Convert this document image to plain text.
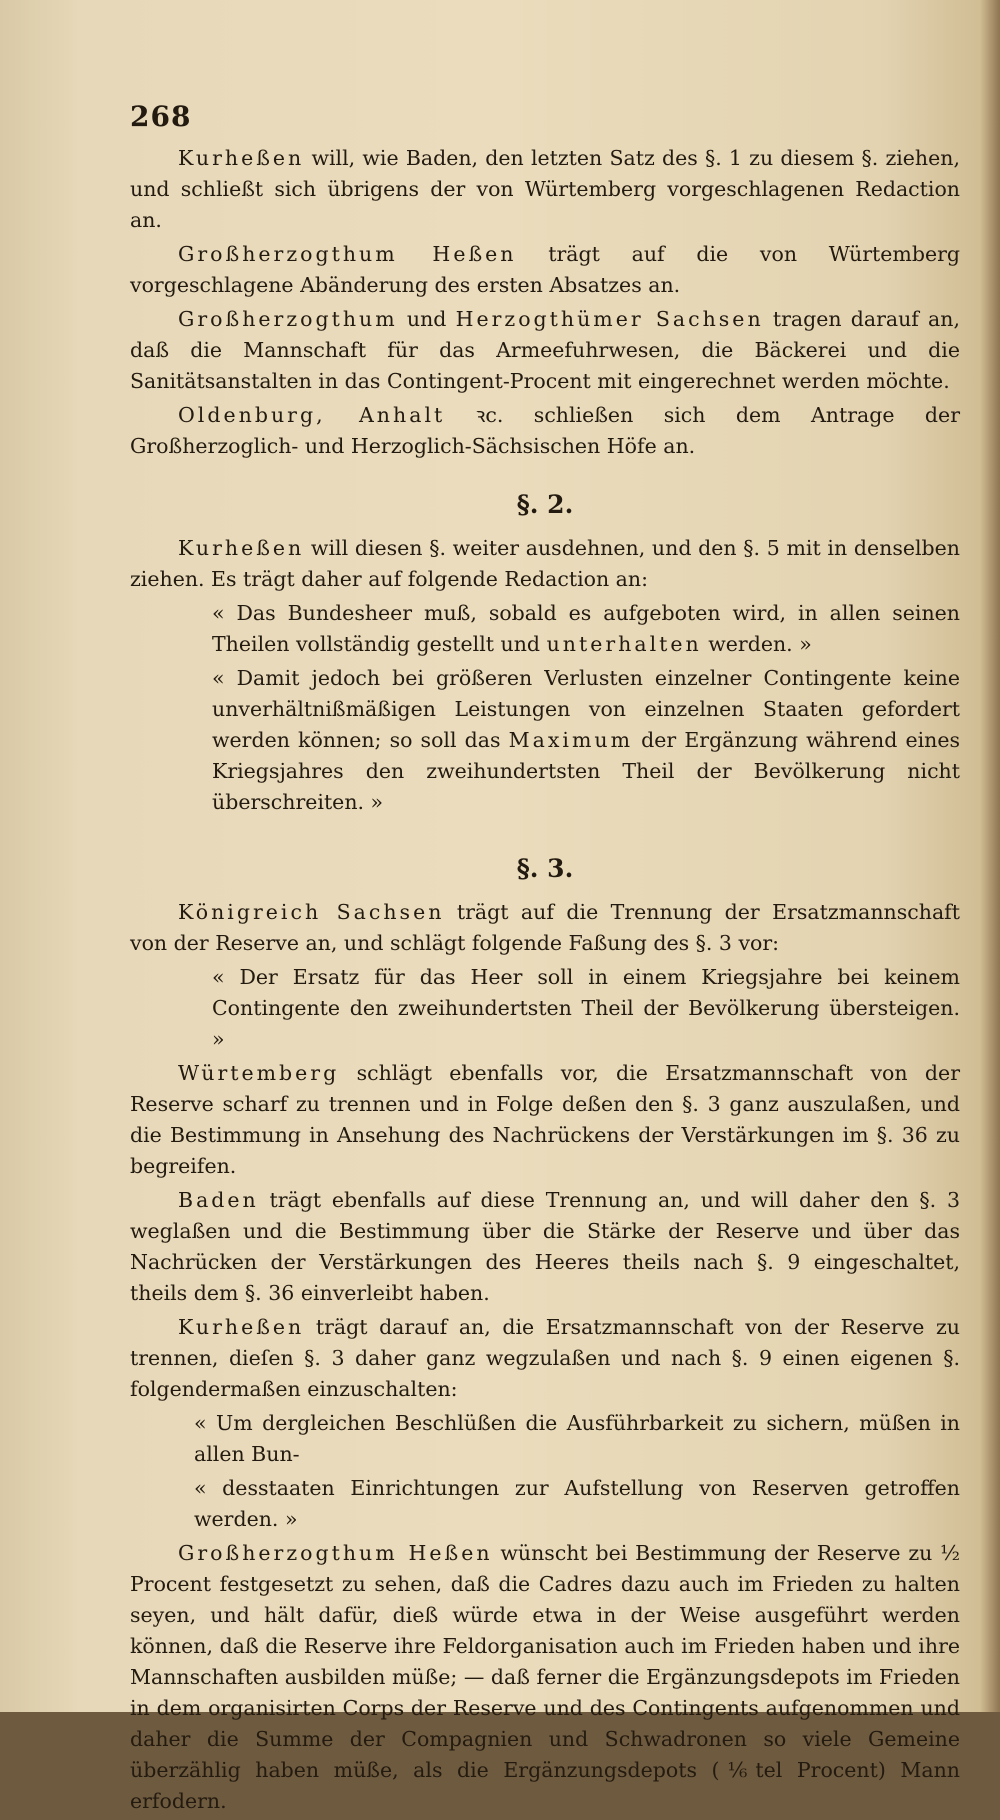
268

Kurheßen will, wie Baden, den letzten Satz des §. 1 zu diesem §. ziehen, und schließt sich übrigens der von Würtemberg vorgeschlagenen Redaction an.

Großherzogthum Heßen trägt auf die von Würtemberg vorgeschlagene Abänderung des ersten Absatzes an.

Großherzogthum und Herzogthümer Sachsen tragen darauf an, daß die Mannschaft für das Armeefuhrwesen, die Bäckerei und die Sanitätsanstalten in das Contingent-Procent mit eingerechnet werden möchte.

Oldenburg, Anhalt ꝛc. schließen sich dem Antrage der Großherzoglich- und Herzoglich-Sächsischen Höfe an.

§. 2.

Kurheßen will diesen §. weiter ausdehnen, und den §. 5 mit in denselben ziehen. Es trägt daher auf folgende Redaction an:

« Das Bundesheer muß, sobald es aufgeboten wird, in allen seinen Theilen vollständig gestellt und unterhalten werden. »

« Damit jedoch bei größeren Verlusten einzelner Contingente keine unverhältnißmäßigen Leistungen von einzelnen Staaten gefordert werden können; so soll das Maximum der Ergänzung während eines Kriegsjahres den zweihundertsten Theil der Bevölkerung nicht überschreiten. »

§. 3.

Königreich Sachsen trägt auf die Trennung der Ersatzmannschaft von der Reserve an, und schlägt folgende Faßung des §. 3 vor:

« Der Ersatz für das Heer soll in einem Kriegsjahre bei keinem Contingente den zweihundertsten Theil der Bevölkerung übersteigen. »

Würtemberg schlägt ebenfalls vor, die Ersatzmannschaft von der Reserve scharf zu trennen und in Folge deßen den §. 3 ganz auszulaßen, und die Bestimmung in Ansehung des Nachrückens der Verstärkungen im §. 36 zu begreifen.

Baden trägt ebenfalls auf diese Trennung an, und will daher den §. 3 weglaßen und die Bestimmung über die Stärke der Reserve und über das Nachrücken der Verstärkungen des Heeres theils nach §. 9 eingeschaltet, theils dem §. 36 einverleibt haben.

Kurheßen trägt darauf an, die Ersatzmannschaft von der Reserve zu trennen, dieſen §. 3 daher ganz wegzulaßen und nach §. 9 einen eigenen §. folgendermaßen einzuschalten:

« Um dergleichen Beschlüßen die Ausführbarkeit zu sichern, müßen in allen Bun-

« desstaaten Einrichtungen zur Aufstellung von Reserven getroffen werden. »

Großherzogthum Heßen wünscht bei Bestimmung der Reserve zu ½ Procent festgesetzt zu sehen, daß die Cadres dazu auch im Frieden zu halten seyen, und hält dafür, dieß würde etwa in der Weise ausgeführt werden können, daß die Reserve ihre Feldorganisation auch im Frieden haben und ihre Mannschaften ausbilden müße; — daß ferner die Ergänzungsdepots im Frieden in dem organisirten Corps der Reserve und des Contingents aufgenommen und daher die Summe der Compagnien und Schwadronen so viele Gemeine überzählig haben müße, als die Ergänzungsdepots (⅙tel Procent) Mann erfodern.
